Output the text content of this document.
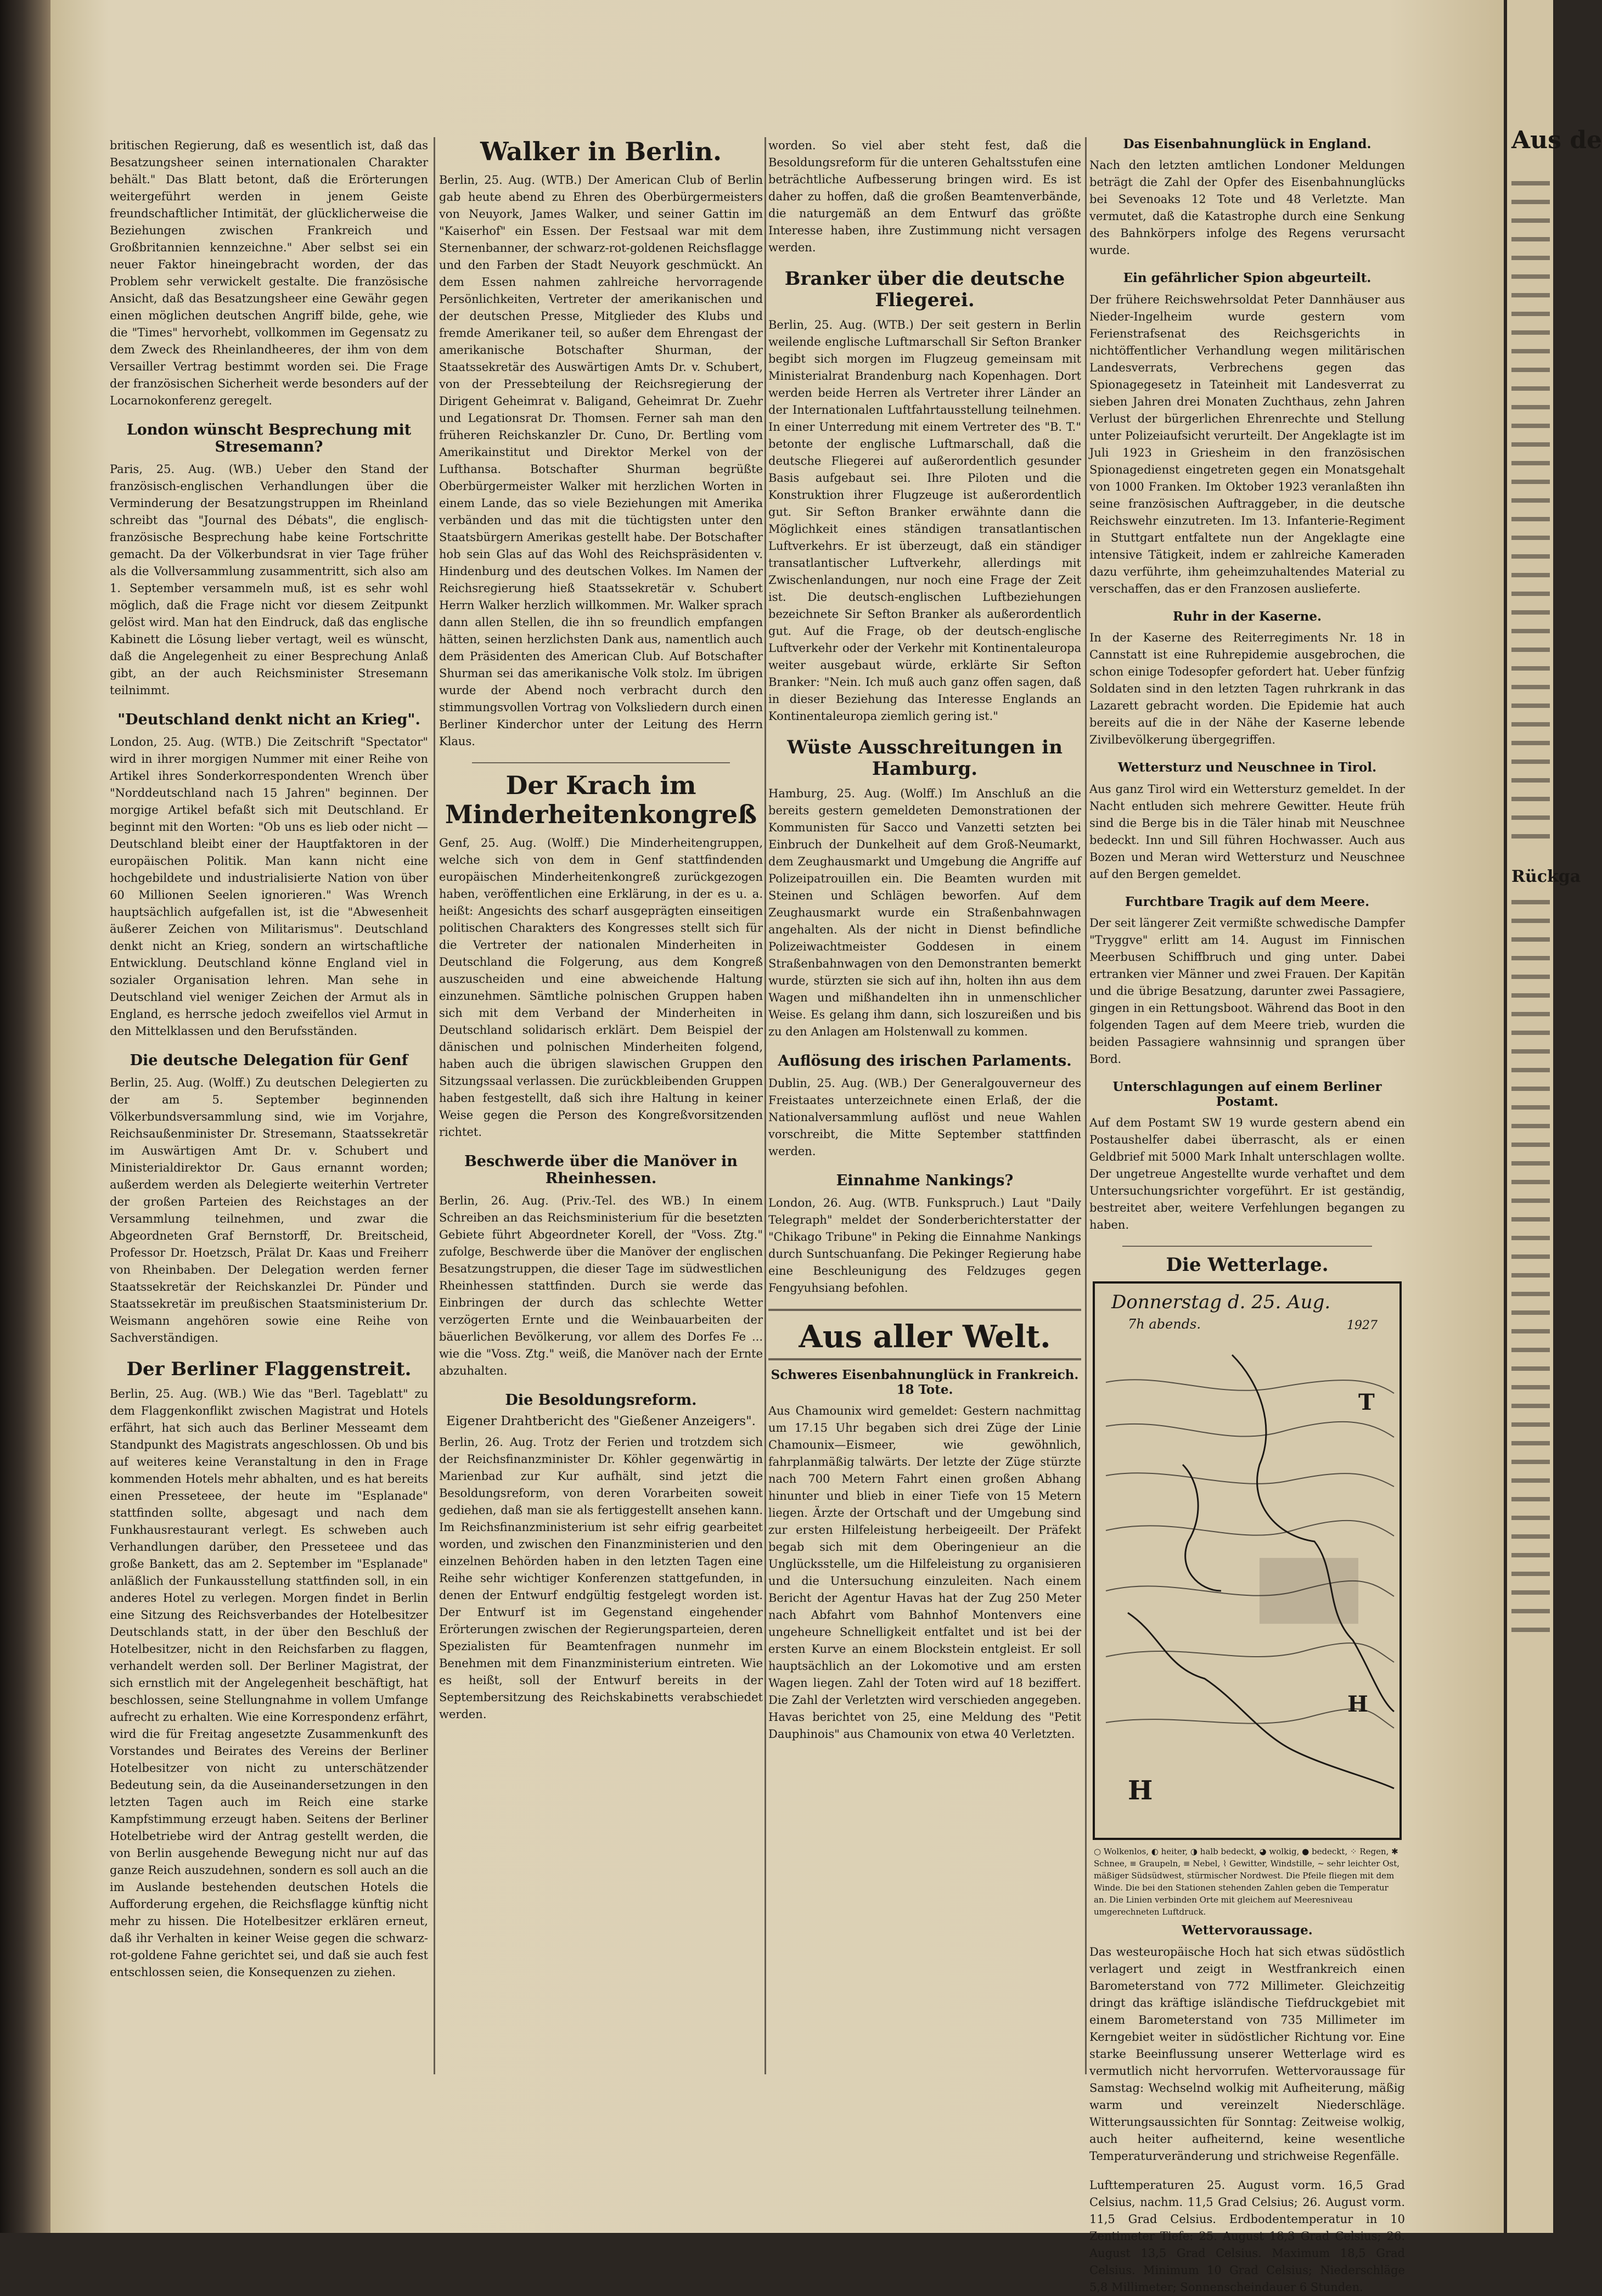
britischen Regierung, daß es wesentlich ist, daß das Besatzungsheer seinen internationalen Charakter behält." Das Blatt betont, daß die Erörterungen weitergeführt werden in jenem Geiste freundschaftlicher Intimität, der glücklicherweise die Beziehungen zwischen Frankreich und Großbritannien kennzeichne." Aber selbst sei ein neuer Faktor hineingebracht worden, der das Problem sehr verwickelt gestalte. Die französische Ansicht, daß das Besatzungsheer eine Gewähr gegen einen möglichen deutschen Angriff bilde, gehe, wie die "Times" hervorhebt, vollkommen im Gegensatz zu dem Zweck des Rheinlandheeres, der ihm von dem Versailler Vertrag bestimmt worden sei. Die Frage der französischen Sicherheit werde besonders auf der Locarnokonferenz geregelt.

London wünscht Besprechung mit Stresemann?

Paris, 25. Aug. (WB.) Ueber den Stand der französisch-englischen Verhandlungen über die Verminderung der Besatzungstruppen im Rheinland schreibt das "Journal des Débats", die englisch-französische Besprechung habe keine Fortschritte gemacht. Da der Völkerbundsrat in vier Tage früher als die Vollversammlung zusammentritt, sich also am 1. September versammeln muß, ist es sehr wohl möglich, daß die Frage nicht vor diesem Zeitpunkt gelöst wird. Man hat den Eindruck, daß das englische Kabinett die Lösung lieber vertagt, weil es wünscht, daß die Angelegenheit zu einer Besprechung Anlaß gibt, an der auch Reichsminister Stresemann teilnimmt.

"Deutschland denkt nicht an Krieg".

London, 25. Aug. (WTB.) Die Zeitschrift "Spectator" wird in ihrer morgigen Nummer mit einer Reihe von Artikel ihres Sonderkorrespondenten Wrench über "Norddeutschland nach 15 Jahren" beginnen. Der morgige Artikel befaßt sich mit Deutschland. Er beginnt mit den Worten: "Ob uns es lieb oder nicht — Deutschland bleibt einer der Hauptfaktoren in der europäischen Politik. Man kann nicht eine hochgebildete und industrialisierte Nation von über 60 Millionen Seelen ignorieren." Was Wrench hauptsächlich aufgefallen ist, ist die "Abwesenheit äußerer Zeichen von Militarismus". Deutschland denkt nicht an Krieg, sondern an wirtschaftliche Entwicklung. Deutschland könne England viel in sozialer Organisation lehren. Man sehe in Deutschland viel weniger Zeichen der Armut als in England, es herrsche jedoch zweifellos viel Armut in den Mittelklassen und den Berufsständen.

Die deutsche Delegation für Genf

Berlin, 25. Aug. (Wolff.) Zu deutschen Delegierten zu der am 5. September beginnenden Völkerbundsversammlung sind, wie im Vorjahre, Reichsaußenminister Dr. Stresemann, Staatssekretär im Auswärtigen Amt Dr. v. Schubert und Ministerialdirektor Dr. Gaus ernannt worden; außerdem werden als Delegierte weiterhin Vertreter der großen Parteien des Reichstages an der Versammlung teilnehmen, und zwar die Abgeordneten Graf Bernstorff, Dr. Breitscheid, Professor Dr. Hoetzsch, Prälat Dr. Kaas und Freiherr von Rheinbaben. Der Delegation werden ferner Staatssekretär der Reichskanzlei Dr. Pünder und Staatssekretär im preußischen Staatsministerium Dr. Weismann angehören sowie eine Reihe von Sachverständigen.

Der Berliner Flaggenstreit.

Berlin, 25. Aug. (WB.) Wie das "Berl. Tageblatt" zu dem Flaggenkonflikt zwischen Magistrat und Hotels erfährt, hat sich auch das Berliner Messeamt dem Standpunkt des Magistrats angeschlossen. Ob und bis auf weiteres keine Veranstaltung in den in Frage kommenden Hotels mehr abhalten, und es hat bereits einen Presseteee, der heute im "Esplanade" stattfinden sollte, abgesagt und nach dem Funkhausrestaurant verlegt. Es schweben auch Verhandlungen darüber, den Presseteee und das große Bankett, das am 2. September im "Esplanade" anläßlich der Funkausstellung stattfinden soll, in ein anderes Hotel zu verlegen. Morgen findet in Berlin eine Sitzung des Reichsverbandes der Hotelbesitzer Deutschlands statt, in der über den Beschluß der Hotelbesitzer, nicht in den Reichsfarben zu flaggen, verhandelt werden soll. Der Berliner Magistrat, der sich ernstlich mit der Angelegenheit beschäftigt, hat beschlossen, seine Stellungnahme in vollem Umfange aufrecht zu erhalten. Wie eine Korrespondenz erfährt, wird die für Freitag angesetzte Zusammenkunft des Vorstandes und Beirates des Vereins der Berliner Hotelbesitzer von nicht zu unterschätzender Bedeutung sein, da die Auseinandersetzungen in den letzten Tagen auch im Reich eine starke Kampfstimmung erzeugt haben. Seitens der Berliner Hotelbetriebe wird der Antrag gestellt werden, die von Berlin ausgehende Bewegung nicht nur auf das ganze Reich auszudehnen, sondern es soll auch an die im Auslande bestehenden deutschen Hotels die Aufforderung ergehen, die Reichsflagge künftig nicht mehr zu hissen. Die Hotelbesitzer erklären erneut, daß ihr Verhalten in keiner Weise gegen die schwarz-rot-goldene Fahne gerichtet sei, und daß sie auch fest entschlossen seien, die Konsequenzen zu ziehen.

Walker in Berlin.

Berlin, 25. Aug. (WTB.) Der American Club of Berlin gab heute abend zu Ehren des Oberbürgermeisters von Neuyork, James Walker, und seiner Gattin im "Kaiserhof" ein Essen. Der Festsaal war mit dem Sternenbanner, der schwarz-rot-goldenen Reichsflagge und den Farben der Stadt Neuyork geschmückt. An dem Essen nahmen zahlreiche hervorragende Persönlichkeiten, Vertreter der amerikanischen und der deutschen Presse, Mitglieder des Klubs und fremde Amerikaner teil, so außer dem Ehrengast der amerikanische Botschafter Shurman, der Staatssekretär des Auswärtigen Amts Dr. v. Schubert, von der Pressebteilung der Reichsregierung der Dirigent Geheimrat v. Baligand, Geheimrat Dr. Zuehr und Legationsrat Dr. Thomsen. Ferner sah man den früheren Reichskanzler Dr. Cuno, Dr. Bertling vom Amerikainstitut und Direktor Merkel von der Lufthansa. Botschafter Shurman begrüßte Oberbürgermeister Walker mit herzlichen Worten in einem Lande, das so viele Beziehungen mit Amerika verbänden und das mit die tüchtigsten unter den Staatsbürgern Amerikas gestellt habe. Der Botschafter hob sein Glas auf das Wohl des Reichspräsidenten v. Hindenburg und des deutschen Volkes. Im Namen der Reichsregierung hieß Staatssekretär v. Schubert Herrn Walker herzlich willkommen. Mr. Walker sprach dann allen Stellen, die ihn so freundlich empfangen hätten, seinen herzlichsten Dank aus, namentlich auch dem Präsidenten des American Club. Auf Botschafter Shurman sei das amerikanische Volk stolz. Im übrigen wurde der Abend noch verbracht durch den stimmungsvollen Vortrag von Volksliedern durch einen Berliner Kinderchor unter der Leitung des Herrn Klaus.

Der Krach im Minderheitenkongreß

Genf, 25. Aug. (Wolff.) Die Minderheitengruppen, welche sich von dem in Genf stattfindenden europäischen Minderheitenkongreß zurückgezogen haben, veröffentlichen eine Erklärung, in der es u. a. heißt: Angesichts des scharf ausgeprägten einseitigen politischen Charakters des Kongresses stellt sich für die Vertreter der nationalen Minderheiten in Deutschland die Folgerung, aus dem Kongreß auszuscheiden und eine abweichende Haltung einzunehmen. Sämtliche polnischen Gruppen haben sich mit dem Verband der Minderheiten in Deutschland solidarisch erklärt. Dem Beispiel der dänischen und polnischen Minderheiten folgend, haben auch die übrigen slawischen Gruppen den Sitzungssaal verlassen. Die zurückbleibenden Gruppen haben festgestellt, daß sich ihre Haltung in keiner Weise gegen die Person des Kongreßvorsitzenden richtet.

Beschwerde über die Manöver in Rheinhessen.

Berlin, 26. Aug. (Priv.-Tel. des WB.) In einem Schreiben an das Reichsministerium für die besetzten Gebiete führt Abgeordneter Korell, der "Voss. Ztg." zufolge, Beschwerde über die Manöver der englischen Besatzungstruppen, die dieser Tage im südwestlichen Rheinhessen stattfinden. Durch sie werde das Einbringen der durch das schlechte Wetter verzögerten Ernte und die Weinbauarbeiten der bäuerlichen Bevölkerung, vor allem des Dorfes Fe ... wie die "Voss. Ztg." weiß, die Manöver nach der Ernte abzuhalten.

Die Besoldungsreform.
Eigener Drahtbericht des "Gießener Anzeigers".

Berlin, 26. Aug. Trotz der Ferien und trotzdem sich der Reichsfinanzminister Dr. Köhler gegenwärtig in Marienbad zur Kur aufhält, sind jetzt die Besoldungsreform, von deren Vorarbeiten soweit gediehen, daß man sie als fertiggestellt ansehen kann. Im Reichsfinanzministerium ist sehr eifrig gearbeitet worden, und zwischen den Finanzministerien und den einzelnen Behörden haben in den letzten Tagen eine Reihe sehr wichtiger Konferenzen stattgefunden, in denen der Entwurf endgültig festgelegt worden ist. Der Entwurf ist im Gegenstand eingehender Erörterungen zwischen der Regierungsparteien, deren Spezialisten für Beamtenfragen nunmehr im Benehmen mit dem Finanzministerium eintreten. Wie es heißt, soll der Entwurf bereits in der Septembersitzung des Reichskabinetts verabschiedet werden.

worden. So viel aber steht fest, daß die Besoldungsreform für die unteren Gehaltsstufen eine beträchtliche Aufbesserung bringen wird. Es ist daher zu hoffen, daß die großen Beamtenverbände, die naturgemäß an dem Entwurf das größte Interesse haben, ihre Zustimmung nicht versagen werden.

Branker über die deutsche Fliegerei.

Berlin, 25. Aug. (WTB.) Der seit gestern in Berlin weilende englische Luftmarschall Sir Sefton Branker begibt sich morgen im Flugzeug gemeinsam mit Ministerialrat Brandenburg nach Kopenhagen. Dort werden beide Herren als Vertreter ihrer Länder an der Internationalen Luftfahrtausstellung teilnehmen. In einer Unterredung mit einem Vertreter des "B. T." betonte der englische Luftmarschall, daß die deutsche Fliegerei auf außerordentlich gesunder Basis aufgebaut sei. Ihre Piloten und die Konstruktion ihrer Flugzeuge ist außerordentlich gut. Sir Sefton Branker erwähnte dann die Möglichkeit eines ständigen transatlantischen Luftverkehrs. Er ist überzeugt, daß ein ständiger transatlantischer Luftverkehr, allerdings mit Zwischenlandungen, nur noch eine Frage der Zeit ist. Die deutsch-englischen Luftbeziehungen bezeichnete Sir Sefton Branker als außerordentlich gut. Auf die Frage, ob der deutsch-englische Luftverkehr oder der Verkehr mit Kontinentaleuropa weiter ausgebaut würde, erklärte Sir Sefton Branker: "Nein. Ich muß auch ganz offen sagen, daß in dieser Beziehung das Interesse Englands an Kontinentaleuropa ziemlich gering ist."

Wüste Ausschreitungen in Hamburg.

Hamburg, 25. Aug. (Wolff.) Im Anschluß an die bereits gestern gemeldeten Demonstrationen der Kommunisten für Sacco und Vanzetti setzten bei Einbruch der Dunkelheit auf dem Groß-Neumarkt, dem Zeughausmarkt und Umgebung die Angriffe auf Polizeipatrouillen ein. Die Beamten wurden mit Steinen und Schlägen beworfen. Auf dem Zeughausmarkt wurde ein Straßenbahnwagen angehalten. Als der nicht in Dienst befindliche Polizeiwachtmeister Goddesen in einem Straßenbahnwagen von den Demonstranten bemerkt wurde, stürzten sie sich auf ihn, holten ihn aus dem Wagen und mißhandelten ihn in unmenschlicher Weise. Es gelang ihm dann, sich loszureißen und bis zu den Anlagen am Holstenwall zu kommen.

Auflösung des irischen Parlaments.

Dublin, 25. Aug. (WB.) Der Generalgouverneur des Freistaates unterzeichnete einen Erlaß, der die Nationalversammlung auflöst und neue Wahlen vorschreibt, die Mitte September stattfinden werden.

Einnahme Nankings?

London, 26. Aug. (WTB. Funkspruch.) Laut "Daily Telegraph" meldet der Sonderberichterstatter der "Chikago Tribune" in Peking die Einnahme Nankings durch Suntschuanfang. Die Pekinger Regierung habe eine Beschleunigung des Feldzuges gegen Fengyuhsiang befohlen.

Aus aller Welt.
Schweres Eisenbahnunglück in Frankreich. 18 Tote.

Aus Chamounix wird gemeldet: Gestern nachmittag um 17.15 Uhr begaben sich drei Züge der Linie Chamounix—Eismeer, wie gewöhnlich, fahrplanmäßig talwärts. Der letzte der Züge stürzte nach 700 Metern Fahrt einen großen Abhang hinunter und blieb in einer Tiefe von 15 Metern liegen. Ärzte der Ortschaft und der Umgebung sind zur ersten Hilfeleistung herbeigeeilt. Der Präfekt begab sich mit dem Oberingenieur an die Unglücksstelle, um die Hilfeleistung zu organisieren und die Untersuchung einzuleiten. Nach einem Bericht der Agentur Havas hat der Zug 250 Meter nach Abfahrt vom Bahnhof Montenvers eine ungeheure Schnelligkeit entfaltet und ist bei der ersten Kurve an einem Blockstein entgleist. Er soll hauptsächlich an der Lokomotive und am ersten Wagen liegen. Zahl der Toten wird auf 18 beziffert. Die Zahl der Verletzten wird verschieden angegeben. Havas berichtet von 25, eine Meldung des "Petit Dauphinois" aus Chamounix von etwa 40 Verletzten.

Das Eisenbahnunglück in England.

Nach den letzten amtlichen Londoner Meldungen beträgt die Zahl der Opfer des Eisenbahnunglücks bei Sevenoaks 12 Tote und 48 Verletzte. Man vermutet, daß die Katastrophe durch eine Senkung des Bahnkörpers infolge des Regens verursacht wurde.

Ein gefährlicher Spion abgeurteilt.

Der frühere Reichswehrsoldat Peter Dannhäuser aus Nieder-Ingelheim wurde gestern vom Ferienstrafsenat des Reichsgerichts in nichtöffentlicher Verhandlung wegen militärischen Landesverrats, Verbrechens gegen das Spionagegesetz in Tateinheit mit Landesverrat zu sieben Jahren drei Monaten Zuchthaus, zehn Jahren Verlust der bürgerlichen Ehrenrechte und Stellung unter Polizeiaufsicht verurteilt. Der Angeklagte ist im Juli 1923 in Griesheim in den französischen Spionagedienst eingetreten gegen ein Monatsgehalt von 1000 Franken. Im Oktober 1923 veranlaßten ihn seine französischen Auftraggeber, in die deutsche Reichswehr einzutreten. Im 13. Infanterie-Regiment in Stuttgart entfaltete nun der Angeklagte eine intensive Tätigkeit, indem er zahlreiche Kameraden dazu verführte, ihm geheimzuhaltendes Material zu verschaffen, das er den Franzosen auslieferte.

Ruhr in der Kaserne.

In der Kaserne des Reiterregiments Nr. 18 in Cannstatt ist eine Ruhrepidemie ausgebrochen, die schon einige Todesopfer gefordert hat. Ueber fünfzig Soldaten sind in den letzten Tagen ruhrkrank in das Lazarett gebracht worden. Die Epidemie hat auch bereits auf die in der Nähe der Kaserne lebende Zivilbevölkerung übergegriffen.

Wettersturz und Neuschnee in Tirol.

Aus ganz Tirol wird ein Wettersturz gemeldet. In der Nacht entluden sich mehrere Gewitter. Heute früh sind die Berge bis in die Täler hinab mit Neuschnee bedeckt. Inn und Sill führen Hochwasser. Auch aus Bozen und Meran wird Wettersturz und Neuschnee auf den Bergen gemeldet.

Furchtbare Tragik auf dem Meere.

Der seit längerer Zeit vermißte schwedische Dampfer "Tryggve" erlitt am 14. August im Finnischen Meerbusen Schiffbruch und ging unter. Dabei ertranken vier Männer und zwei Frauen. Der Kapitän und die übrige Besatzung, darunter zwei Passagiere, gingen in ein Rettungsboot. Während das Boot in den folgenden Tagen auf dem Meere trieb, wurden die beiden Passagiere wahnsinnig und sprangen über Bord.

Unterschlagungen auf einem Berliner Postamt.

Auf dem Postamt SW 19 wurde gestern abend ein Postaushelfer dabei überrascht, als er einen Geldbrief mit 5000 Mark Inhalt unterschlagen wollte. Der ungetreue Angestellte wurde verhaftet und dem Untersuchungsrichter vorgeführt. Er ist geständig, bestreitet aber, weitere Verfehlungen begangen zu haben.

Die Wetterlage.
H
H
T
Donnerstag d. 25. Aug.
7h abends.	1927
○ Wolkenlos, ◐ heiter, ◑ halb bedeckt, ◕ wolkig, ● bedeckt, ⁘ Regen, ✱ Schnee, ≡ Graupeln, ≡ Nebel, ⌇ Gewitter, Windstille, ~ sehr leichter Ost, mäßiger Südsüdwest, stürmischer Nordwest. Die Pfeile fliegen mit dem Winde. Die bei den Stationen stehenden Zahlen geben die Temperatur an. Die Linien verbinden Orte mit gleichem auf Meeresniveau umgerechneten Luftdruck.
Wettervoraussage.

Das westeuropäische Hoch hat sich etwas südöstlich verlagert und zeigt in Westfrankreich einen Barometerstand von 772 Millimeter. Gleichzeitig dringt das kräftige isländische Tiefdruckgebiet mit einem Barometerstand von 735 Millimeter im Kerngebiet weiter in südöstlicher Richtung vor. Eine starke Beeinflussung unserer Wetterlage wird es vermutlich nicht hervorrufen. Wettervoraussage für Samstag: Wechselnd wolkig mit Aufheiterung, mäßig warm und vereinzelt Niederschläge. Witterungsaussichten für Sonntag: Zeitweise wolkig, auch heiter aufheiternd, keine wesentliche Temperaturveränderung und strichweise Regenfälle.

Lufttemperaturen 25. August vorm. 16,5 Grad Celsius, nachm. 11,5 Grad Celsius; 26. August vorm. 11,5 Grad Celsius. Erdbodentemperatur in 10 Zentimeter Tiefe: 25. August 18,3 Grad Celsius; 26. August 13,5 Grad Celsius. Maximum 18,5 Grad Celsius. Minimum 10 Grad Celsius; Niederschläge 5,8 Millimeter; Sonnenscheindauer 6 Stunden.

Aus de
Rückga
